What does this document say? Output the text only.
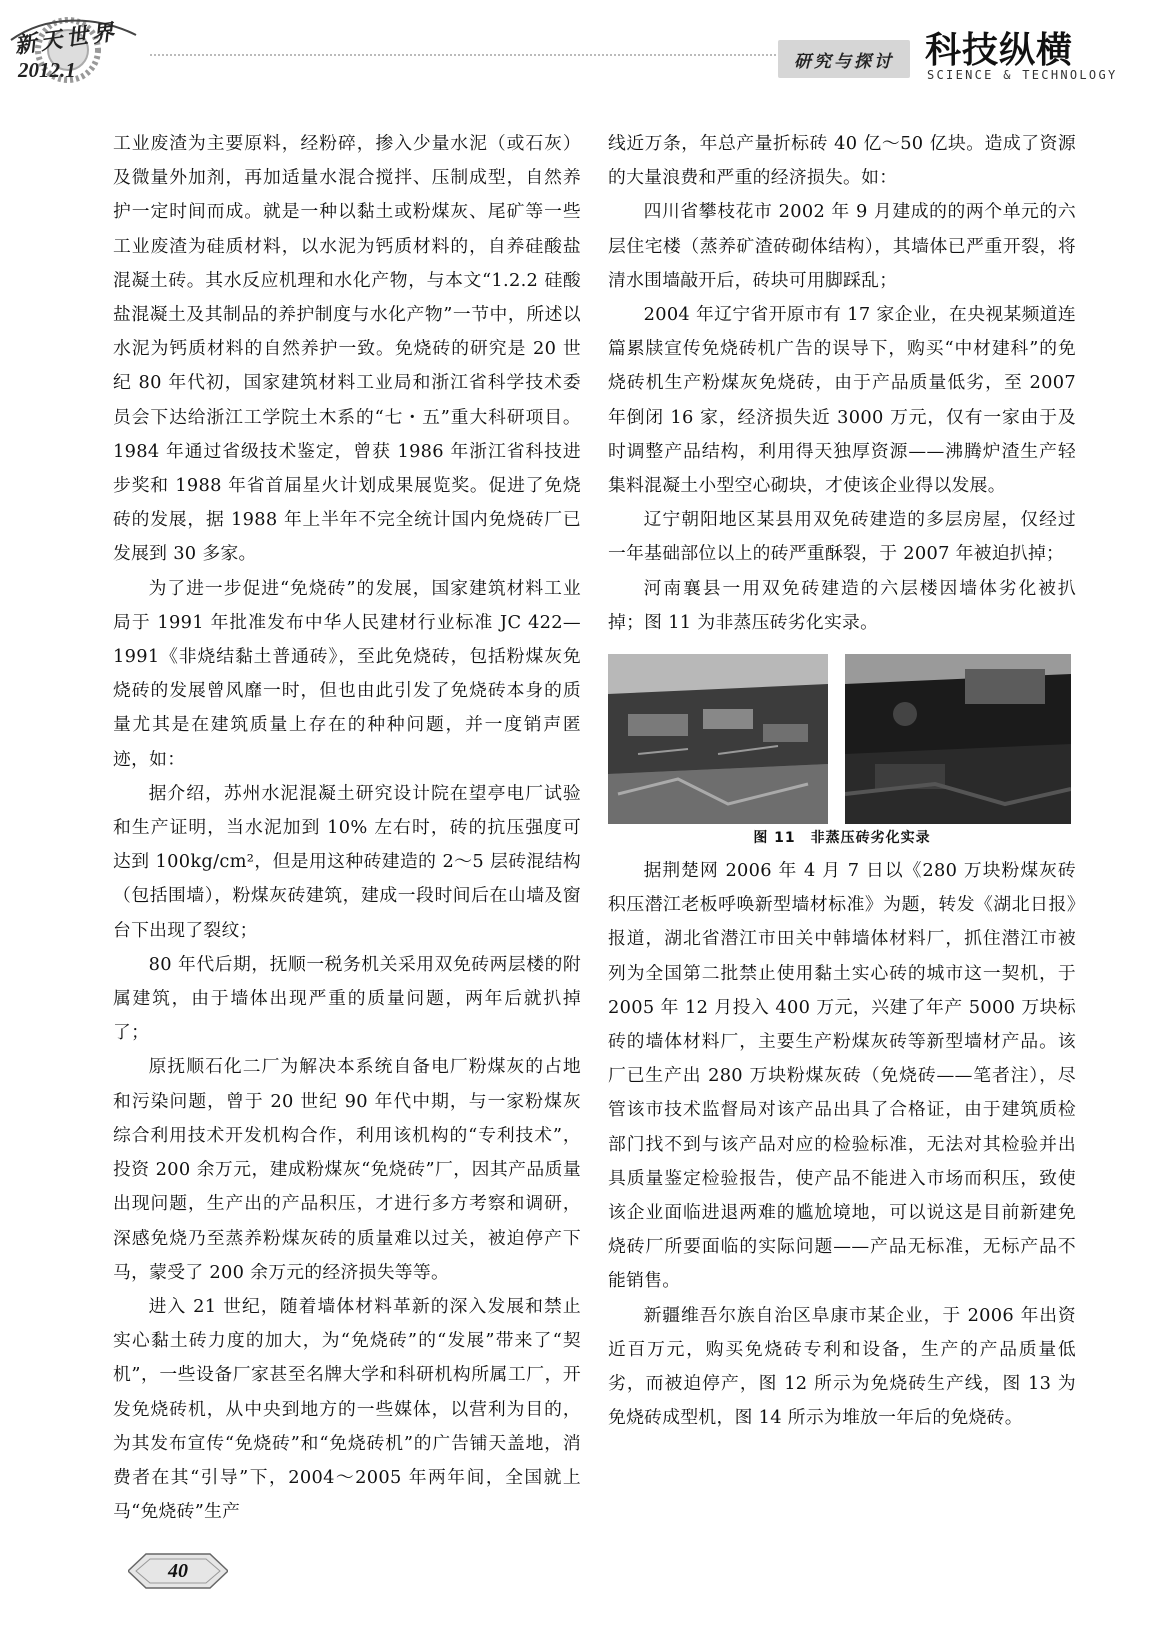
新天世界
2012.1	研究与探讨 科技纵横
SCIENCE & TECHNOLOGY

工业废渣为主要原料，经粉碎，掺入少量水泥（或石灰）及微量外加剂，再加适量水混合搅拌、压制成型，自然养护一定时间而成。就是一种以黏土或粉煤灰、尾矿等一些工业废渣为硅质材料，以水泥为钙质材料的，自养硅酸盐混凝土砖。其水反应机理和水化产物，与本文“1.2.2 硅酸盐混凝土及其制品的养护制度与水化产物”一节中，所述以水泥为钙质材料的自然养护一致。免烧砖的研究是 20 世纪 80 年代初，国家建筑材料工业局和浙江省科学技术委员会下达给浙江工学院土木系的“七・五”重大科研项目。1984 年通过省级技术鉴定，曾获 1986 年浙江省科技进步奖和 1988 年省首届星火计划成果展览奖。促进了免烧砖的发展，据 1988 年上半年不完全统计国内免烧砖厂已发展到 30 多家。

为了进一步促进“免烧砖”的发展，国家建筑材料工业局于 1991 年批准发布中华人民建材行业标准 JC 422—1991《非烧结黏土普通砖》，至此免烧砖，包括粉煤灰免烧砖的发展曾风靡一时，但也由此引发了免烧砖本身的质量尤其是在建筑质量上存在的种种问题，并一度销声匿迹，如：

据介绍，苏州水泥混凝土研究设计院在望亭电厂试验和生产证明，当水泥加到 10% 左右时，砖的抗压强度可达到 100kg/cm²，但是用这种砖建造的 2～5 层砖混结构（包括围墙），粉煤灰砖建筑，建成一段时间后在山墙及窗台下出现了裂纹；

80 年代后期，抚顺一税务机关采用双免砖两层楼的附属建筑，由于墙体出现严重的质量问题，两年后就扒掉了；

原抚顺石化二厂为解决本系统自备电厂粉煤灰的占地和污染问题，曾于 20 世纪 90 年代中期，与一家粉煤灰综合利用技术开发机构合作，利用该机构的“专利技术”，投资 200 余万元，建成粉煤灰“免烧砖”厂，因其产品质量出现问题，生产出的产品积压，才进行多方考察和调研，深感免烧乃至蒸养粉煤灰砖的质量难以过关，被迫停产下马，蒙受了 200 余万元的经济损失等等。

进入 21 世纪，随着墙体材料革新的深入发展和禁止实心黏土砖力度的加大，为“免烧砖”的“发展”带来了“契机”，一些设备厂家甚至名牌大学和科研机构所属工厂，开发免烧砖机，从中央到地方的一些媒体，以营利为目的，为其发布宣传“免烧砖”和“免烧砖机”的广告铺天盖地，消费者在其“引导”下，2004～2005 年两年间，全国就上马“免烧砖”生产

线近万条，年总产量折标砖 40 亿～50 亿块。造成了资源的大量浪费和严重的经济损失。如：

四川省攀枝花市 2002 年 9 月建成的的两个单元的六层住宅楼（蒸养矿渣砖砌体结构），其墙体已严重开裂，将清水围墙敲开后，砖块可用脚踩乱；

2004 年辽宁省开原市有 17 家企业，在央视某频道连篇累牍宣传免烧砖机广告的误导下，购买“中材建科”的免烧砖机生产粉煤灰免烧砖，由于产品质量低劣，至 2007 年倒闭 16 家，经济损失近 3000 万元，仅有一家由于及时调整产品结构，利用得天独厚资源——沸腾炉渣生产轻集料混凝土小型空心砌块，才使该企业得以发展。

辽宁朝阳地区某县用双免砖建造的多层房屋，仅经过一年基础部位以上的砖严重酥裂，于 2007 年被迫扒掉；

河南襄县一用双免砖建造的六层楼因墙体劣化被扒掉；图 11 为非蒸压砖劣化实录。

图 11　非蒸压砖劣化实录

据荆楚网 2006 年 4 月 7 日以《280 万块粉煤灰砖积压潜江老板呼唤新型墙材标准》为题，转发《湖北日报》报道，湖北省潜江市田关中韩墙体材料厂，抓住潜江市被列为全国第二批禁止使用黏土实心砖的城市这一契机，于 2005 年 12 月投入 400 万元，兴建了年产 5000 万块标砖的墙体材料厂，主要生产粉煤灰砖等新型墙材产品。该厂已生产出 280 万块粉煤灰砖（免烧砖——笔者注），尽管该市技术监督局对该产品出具了合格证，由于建筑质检部门找不到与该产品对应的检验标准，无法对其检验并出具质量鉴定检验报告，使产品不能进入市场而积压，致使该企业面临进退两难的尴尬境地，可以说这是目前新建免烧砖厂所要面临的实际问题——产品无标准，无标产品不能销售。

新疆维吾尔族自治区阜康市某企业，于 2006 年出资近百万元，购买免烧砖专利和设备，生产的产品质量低劣，而被迫停产，图 12 所示为免烧砖生产线，图 13 为免烧砖成型机，图 14 所示为堆放一年后的免烧砖。

40
